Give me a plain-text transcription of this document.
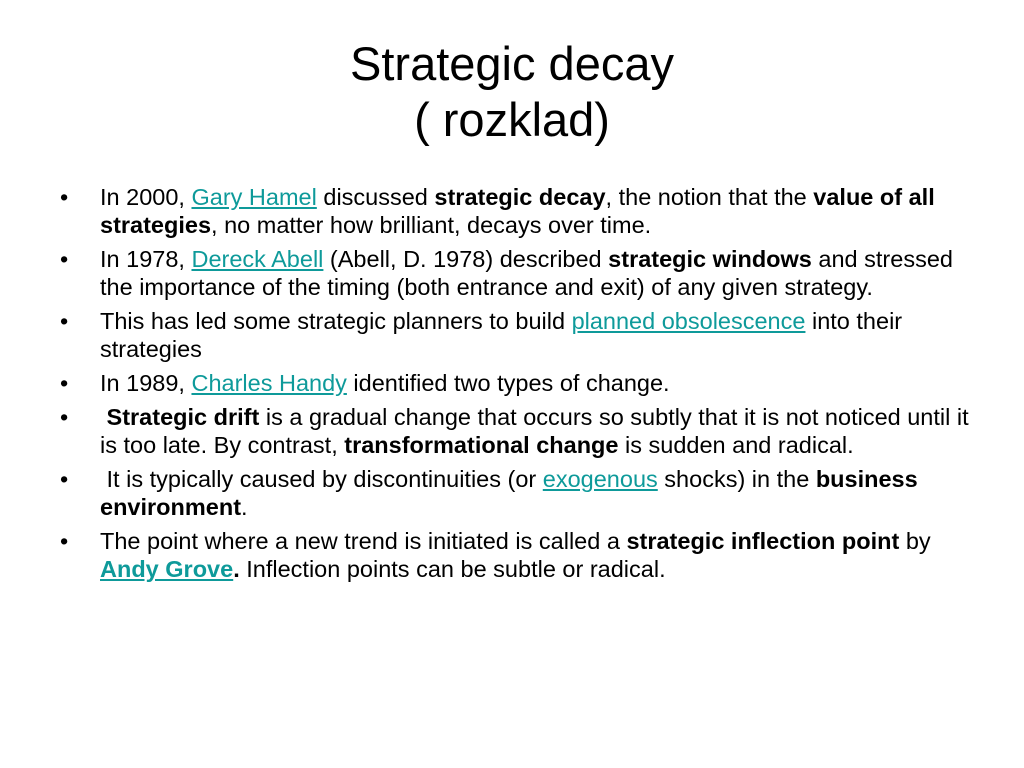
Strategic decay
( rozklad)
•	In 2000, Gary Hamel discussed strategic decay, the notion that the value of all strategies, no matter how brilliant, decays over time.
•	In 1978, Dereck Abell (Abell, D. 1978) described strategic windows and stressed the importance of the timing (both entrance and exit) of any given strategy.
•	This has led some strategic planners to build planned obsolescence into their strategies
•	In 1989, Charles Handy identified two types of change.
•	Strategic drift is a gradual change that occurs so subtly that it is not noticed until it is too late. By contrast, transformational change is sudden and radical.
•	It is typically caused by discontinuities (or exogenous shocks) in the business environment.
•	The point where a new trend is initiated is called a strategic inflection point by Andy Grove. Inflection points can be subtle or radical.
